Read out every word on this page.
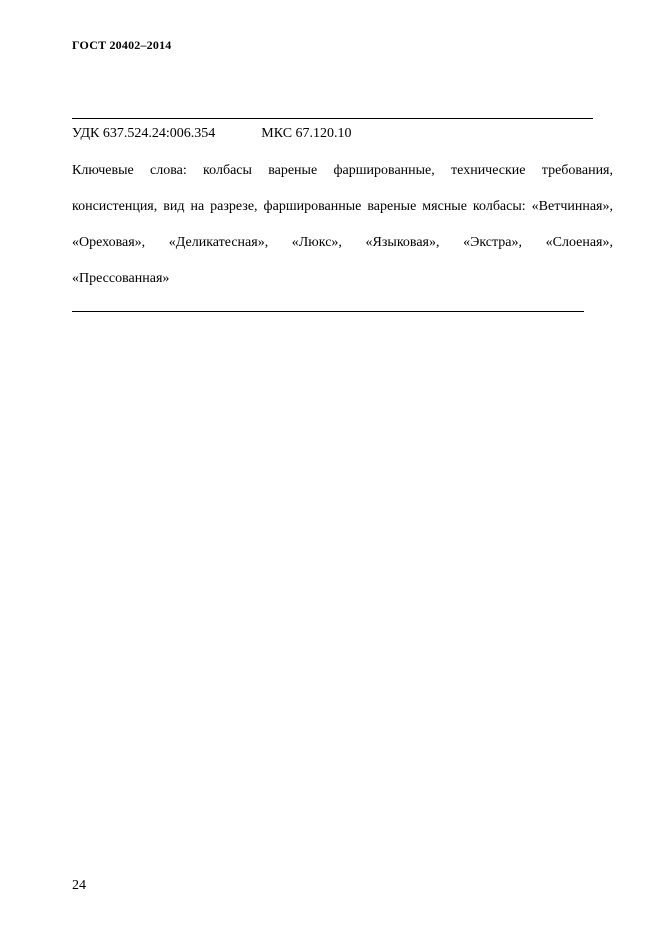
ГОСТ 20402–2014
УДК 637.524.24:006.354	МКС 67.120.10
Ключевые слова: колбасы вареные фаршированные, технические требования, консистенция, вид на разрезе, фаршированные вареные мясные колбасы: «Ветчинная», «Ореховая», «Деликатесная», «Люкс», «Языковая», «Экстра», «Слоеная», «Прессованная»
24
